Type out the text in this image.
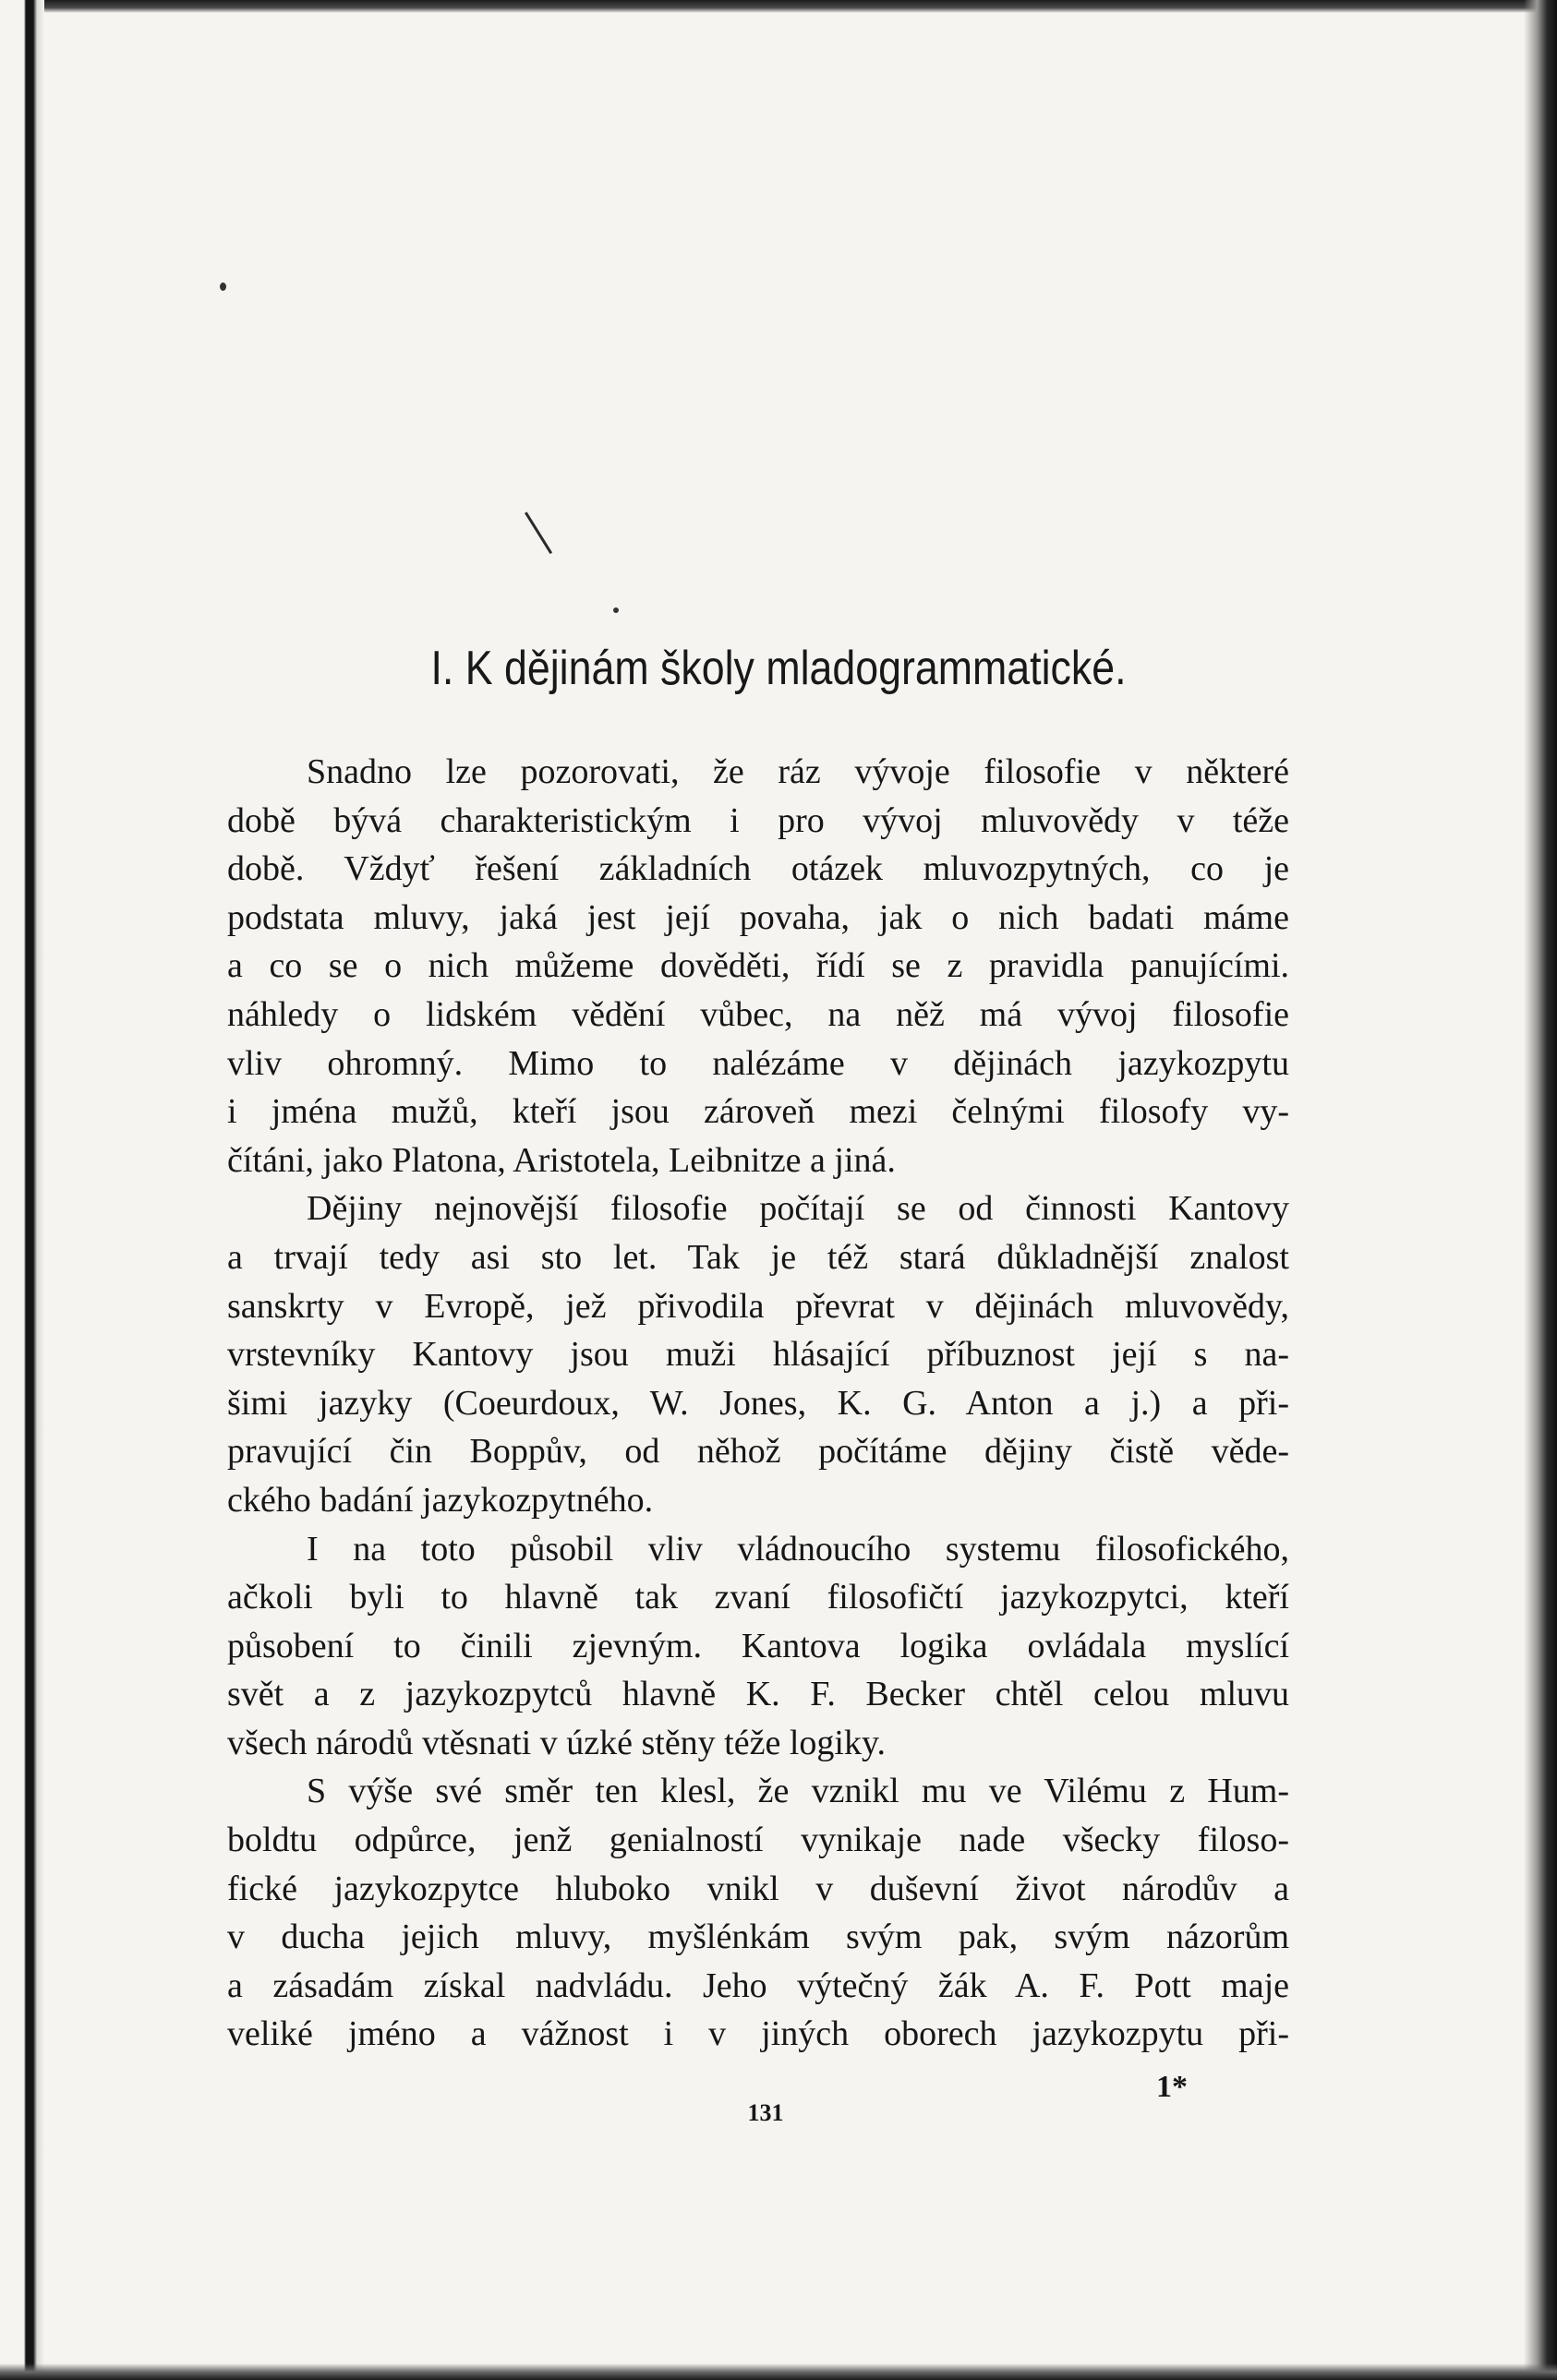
I. K dějinám školy mladogrammatické.
Snadno lze pozorovati, že ráz vývoje filosofie v některé
době bývá charakteristickým i pro vývoj mluvovědy v téže
době. Vždyť řešení základních otázek mluvozpytných, co je
podstata mluvy, jaká jest její povaha, jak o nich badati máme
a co se o nich můžeme dověděti, řídí se z pravidla panujícími.
náhledy o lidském vědění vůbec, na něž má vývoj filosofie
vliv ohromný. Mimo to nalézáme v dějinách jazykozpytu
i jména mužů, kteří jsou zároveň mezi čelnými filosofy vy-
čítáni, jako Platona, Aristotela, Leibnitze a jiná.
Dějiny nejnovější filosofie počítají se od činnosti Kantovy
a trvají tedy asi sto let. Tak je též stará důkladnější znalost
sanskrty v Evropě, jež přivodila převrat v dějinách mluvovědy,
vrstevníky Kantovy jsou muži hlásající příbuznost její s na-
šimi jazyky (Coeurdoux, W. Jones, K. G. Anton a j.) a při-
pravující čin Boppův, od něhož počítáme dějiny čistě věde-
ckého badání jazykozpytného.
I na toto působil vliv vládnoucího systemu filosofického,
ačkoli byli to hlavně tak zvaní filosofičtí jazykozpytci, kteří
působení to činili zjevným. Kantova logika ovládala myslící
svět a z jazykozpytců hlavně K. F. Becker chtěl celou mluvu
všech národů vtěsnati v úzké stěny téže logiky.
S výše své směr ten klesl, že vznikl mu ve Vilému z Hum-
boldtu odpůrce, jenž genialností vynikaje nade všecky filoso-
fické jazykozpytce hluboko vnikl v duševní život národův a
v ducha jejich mluvy, myšlénkám svým pak, svým názorům
a zásadám získal nadvládu. Jeho výtečný žák A. F. Pott maje
veliké jméno a vážnost i v jiných oborech jazykozpytu při-
1*
131
